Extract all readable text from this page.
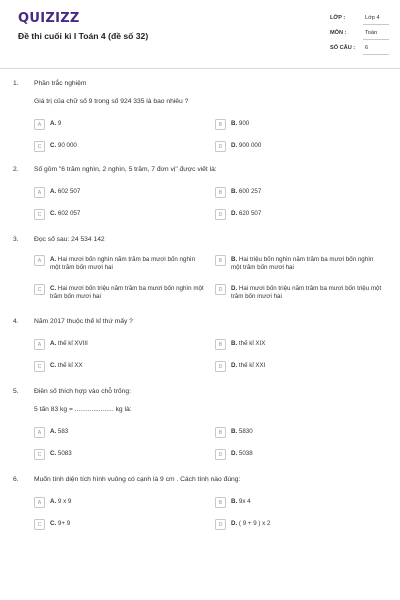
QUIZIZZ
Đề thi cuối kì I Toán 4 (đề số 32)
LỚP :	Lớp 4
MÔN :	Toán
SỐ CÂU :	6
1. Phần trắc nghiệm
Giá trị của chữ số 9 trong số 924 335 là bao nhiêu ?
A	A. 9	B	B. 900
C	C. 90 000	D	D. 900 000
2. Số gồm "6 trăm nghìn, 2 nghìn, 5 trăm, 7 đơn vị" được viết là:
A	A. 602 507	B	B. 600 257
C	C. 602 057	D	D. 620 507
3. Đọc số sau: 24 534 142
A	A. Hai mươi bốn nghìn năm trăm ba mươi bốn nghìn một trăm bốn mươi hai
B	B. Hai triệu bốn nghìn năm trăm ba mươi bốn nghìn một trăm bốn mươi hai
C	C. Hai mươi bốn triệu năm trăm ba mươi bốn nghìn một trăm bốn mươi hai
D	D. Hai mươi bốn triệu năm trăm ba mươi bốn triệu một trăm bốn mươi hai
4. Năm 2017 thuộc thế kỉ thứ mấy ?
A	A. thế kỉ XVIII	B	B. thế kỉ XIX
C	C. thế kỉ XX	D	D. thế kỉ XXI
5. Điền số thích hợp vào chỗ trống:
5 tấn 83 kg = ..................... kg là:
A	A. 583	B	B. 5830
C	C. 5083	D	D. 5038
6. Muốn tính diện tích hình vuông có cạnh là 9 cm . Cách tính nào đúng:
A	A. 9 x 9	B	B. 9x 4
C	C. 9+ 9	D	D. ( 9 + 9 ) x 2
